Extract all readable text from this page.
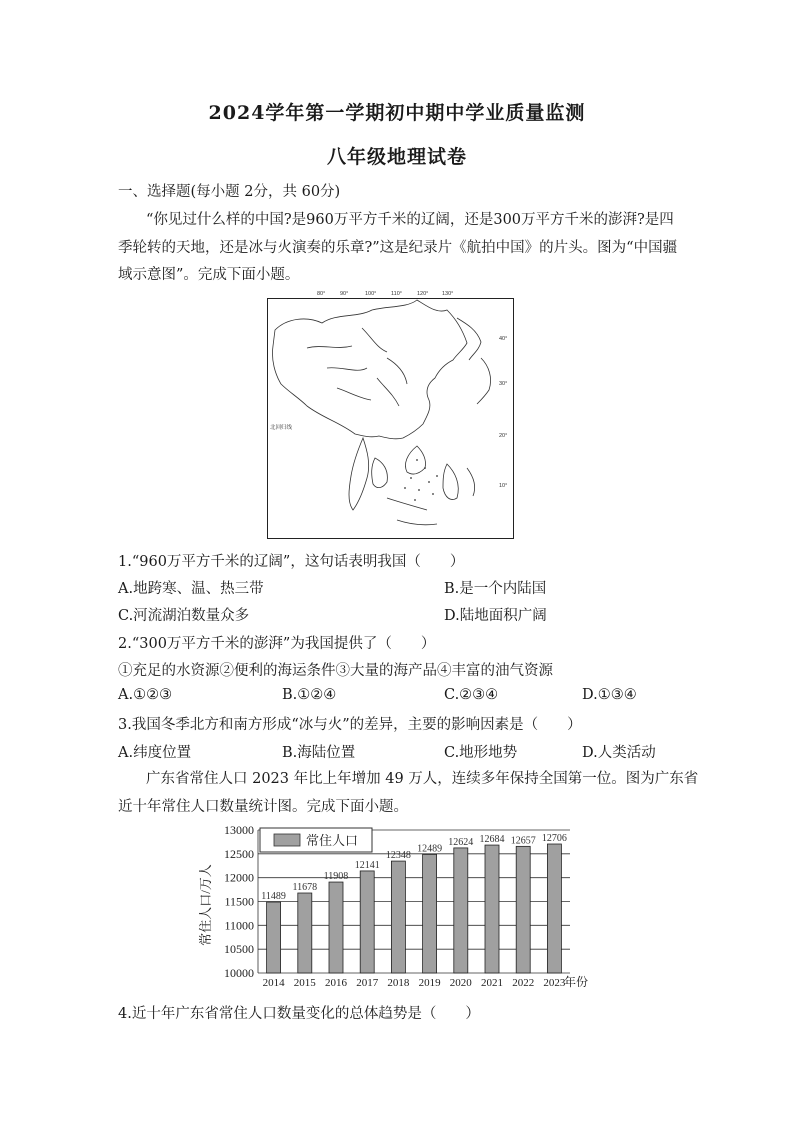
2024学年第一学期初中期中学业质量监测
八年级地理试卷
一、选择题(每小题 2分，共 60分)
“你见过什么样的中国?是960万平方千米的辽阔，还是300万平方千米的澎湃?是四
季轮转的天地，还是冰与火演奏的乐章?”这是纪录片《航拍中国》的片头。图为“中国疆
域示意图”。完成下面小题。
80°	90°	100°	110°	120° 130°
40°
30°
20°
10°
北回归线
1.“960万平方千米的辽阔”，这句话表明我国（　　）
A.地跨寒、温、热三带	B.是一个内陆国
C.河流湖泊数量众多	D.陆地面积广阔
2.“300万平方千米的澎湃”为我国提供了（　　）
①充足的水资源②便利的海运条件③大量的海产品④丰富的油气资源
A.①②③	B.①②④	C.②③④	D.①③④
3.我国冬季北方和南方形成“冰与火”的差异，主要的影响因素是（　　）
A.纬度位置	B.海陆位置	C.地形地势	D.人类活动
广东省常住人口 2023 年比上年增加 49 万人，连续多年保持全国第一位。图为广东省
近十年常住人口数量统计图。完成下面小题。
10000
10500
11000
11500
12000
12500
13000
11489
2014
11678
2015
11908
2016
12141
2017
12348
2018
12489
2019
12624
2020
12684
2021
12657
2022
12706
2023
常住人口/万人
年份
常住人口
4.近十年广东省常住人口数量变化的总体趋势是（　　）
